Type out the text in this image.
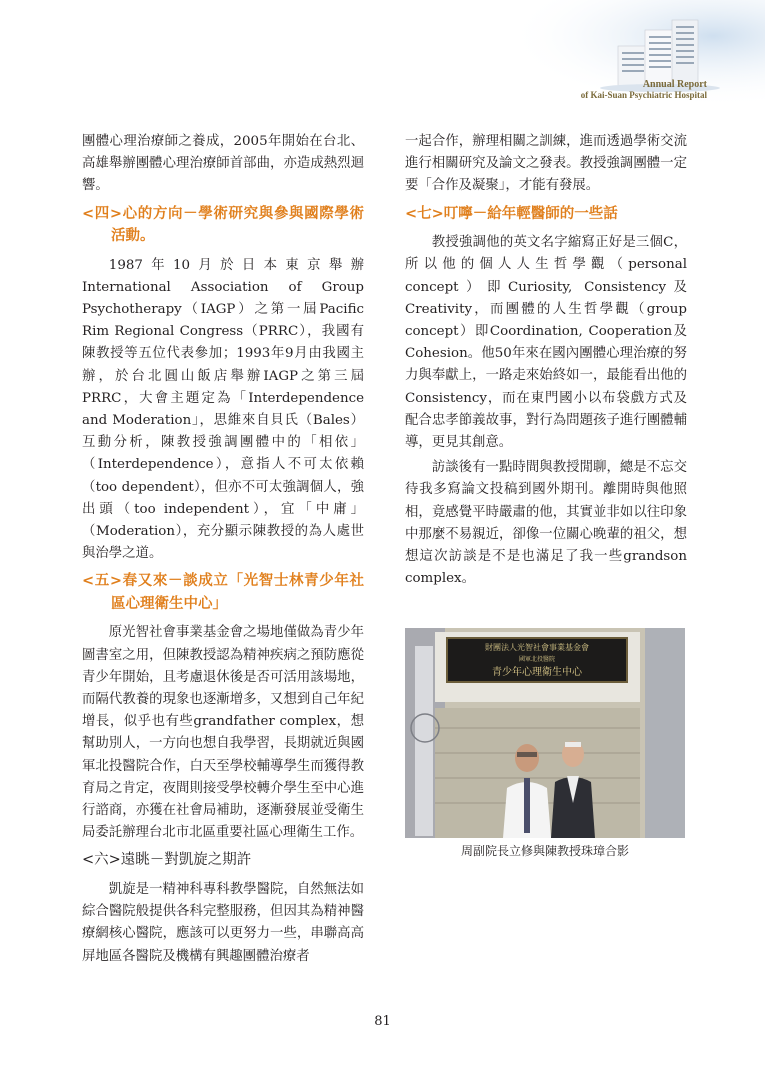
Annual Report
of Kai-Suan Psychiatric Hospital

團體心理治療師之養成，2005年開始在台北、高雄舉辦團體心理治療師首部曲，亦造成熱烈迴響。

<四>心的方向－學術研究與參與國際學術活動。

1987年10月於日本東京舉辦International Association of Group Psychotherapy（IAGP）之第一屆Pacific Rim Regional Congress（PRRC），我國有陳教授等五位代表參加；1993年9月由我國主辦，於台北圓山飯店舉辦IAGP之第三屆PRRC，大會主題定為「Interdependence and Moderation」，思維來自貝氏（Bales）互動分析，陳教授強調團體中的「相依」（Interdependence），意指人不可太依賴（too dependent），但亦不可太強調個人，強出頭（too independent），宜「中庸」（Moderation），充分顯示陳教授的為人處世與治學之道。

<五>春又來－談成立「光智士林青少年社區心理衛生中心」

原光智社會事業基金會之場地僅做為青少年圖書室之用，但陳教授認為精神疾病之預防應從青少年開始，且考慮退休後是否可活用該場地，而隔代教養的現象也逐漸增多，又想到自己年紀增長，似乎也有些grandfather complex，想幫助別人，一方向也想自我學習，長期就近與國軍北投醫院合作，白天至學校輔導學生而獲得教育局之肯定，夜間則接受學校轉介學生至中心進行諮商，亦獲在社會局補助，逐漸發展並受衛生局委託辦理台北市北區重要社區心理衛生工作。

<六>遠眺－對凱旋之期許

凱旋是一精神科專科教學醫院，自然無法如綜合醫院般提供各科完整服務，但因其為精神醫療網核心醫院，應該可以更努力一些，串聯高高屏地區各醫院及機構有興趣團體治療者

一起合作，辦理相關之訓練，進而透過學術交流進行相關研究及論文之發表。教授強調團體一定要「合作及凝聚」，才能有發展。

<七>叮嚀－給年輕醫師的一些話

教授強調他的英文名字縮寫正好是三個C，所以他的個人人生哲學觀（personal concept）即Curiosity, Consistency及Creativity，而團體的人生哲學觀（group concept）即Coordination, Cooperation及Cohesion。他50年來在國內團體心理治療的努力與奉獻上，一路走來始終如一，最能看出他的Consistency，而在東門國小以布袋戲方式及配合忠孝節義故事，對行為問題孩子進行團體輔導，更見其創意。

訪談後有一點時間與教授閒聊，總是不忘交待我多寫論文投稿到國外期刊。離開時與他照相，竟感覺平時嚴肅的他，其實並非如以往印象中那麼不易親近，卻像一位關心晚輩的祖父，想想這次訪談是不是也滿足了我一些grandson complex。

財團法人光智社會事業基金會
國軍北投醫院
青少年心理衛生中心
周副院長立修與陳教授珠璋合影
81
